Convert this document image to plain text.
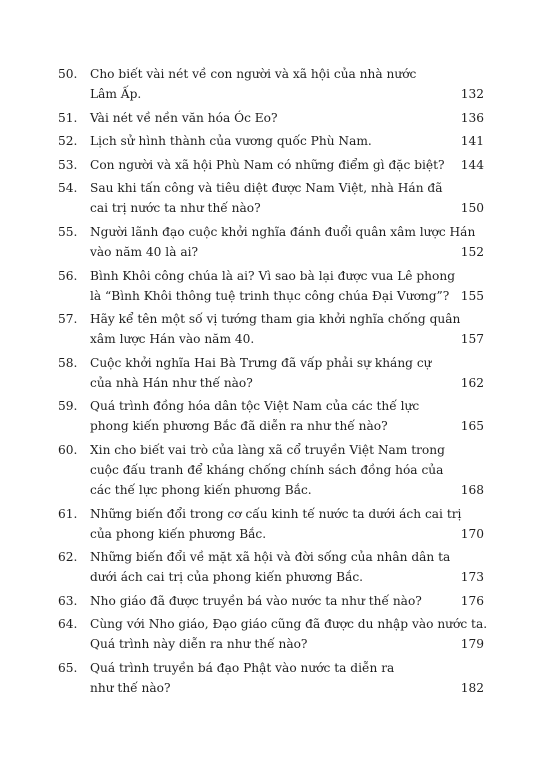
50.	Cho biết vài nét về con người và xã hội của nhà nước
Lâm Ấp.	132
51.	Vài nét về nền văn hóa Óc Eo?	136
52.	Lịch sử hình thành của vương quốc Phù Nam.	141
53.	Con người và xã hội Phù Nam có những điểm gì đặc biệt?	144
54.	Sau khi tấn công và tiêu diệt được Nam Việt, nhà Hán đã
cai trị nước ta như thế nào?	150
55.	Người lãnh đạo cuộc khởi nghĩa đánh đuổi quân xâm lược Hán
vào năm 40 là ai?	152
56.	Bình Khôi công chúa là ai? Vì sao bà lại được vua Lê phong
là “Bình Khôi thông tuệ trinh thục công chúa Đại Vương”? 155
57.	Hãy kể tên một số vị tướng tham gia khởi nghĩa chống quân
xâm lược Hán vào năm 40.	157
58.	Cuộc khởi nghĩa Hai Bà Trưng đã vấp phải sự kháng cự
của nhà Hán như thế nào?	162
59.	Quá trình đồng hóa dân tộc Việt Nam của các thế lực
phong kiến phương Bắc đã diễn ra như thế nào?	165
60.	Xin cho biết vai trò của làng xã cổ truyền Việt Nam trong
cuộc đấu tranh để kháng chống chính sách đồng hóa của
các thế lực phong kiến phương Bắc.	168
61.	Những biến đổi trong cơ cấu kinh tế nước ta dưới ách cai trị
của phong kiến phương Bắc.	170
62.	Những biến đổi về mặt xã hội và đời sống của nhân dân ta
dưới ách cai trị của phong kiến phương Bắc.	173
63.	Nho giáo đã được truyền bá vào nước ta như thế nào?	176
64.	Cùng với Nho giáo, Đạo giáo cũng đã được du nhập vào nước ta.
Quá trình này diễn ra như thế nào?	179
65.	Quá trình truyền bá đạo Phật vào nước ta diễn ra
như thế nào?	182
